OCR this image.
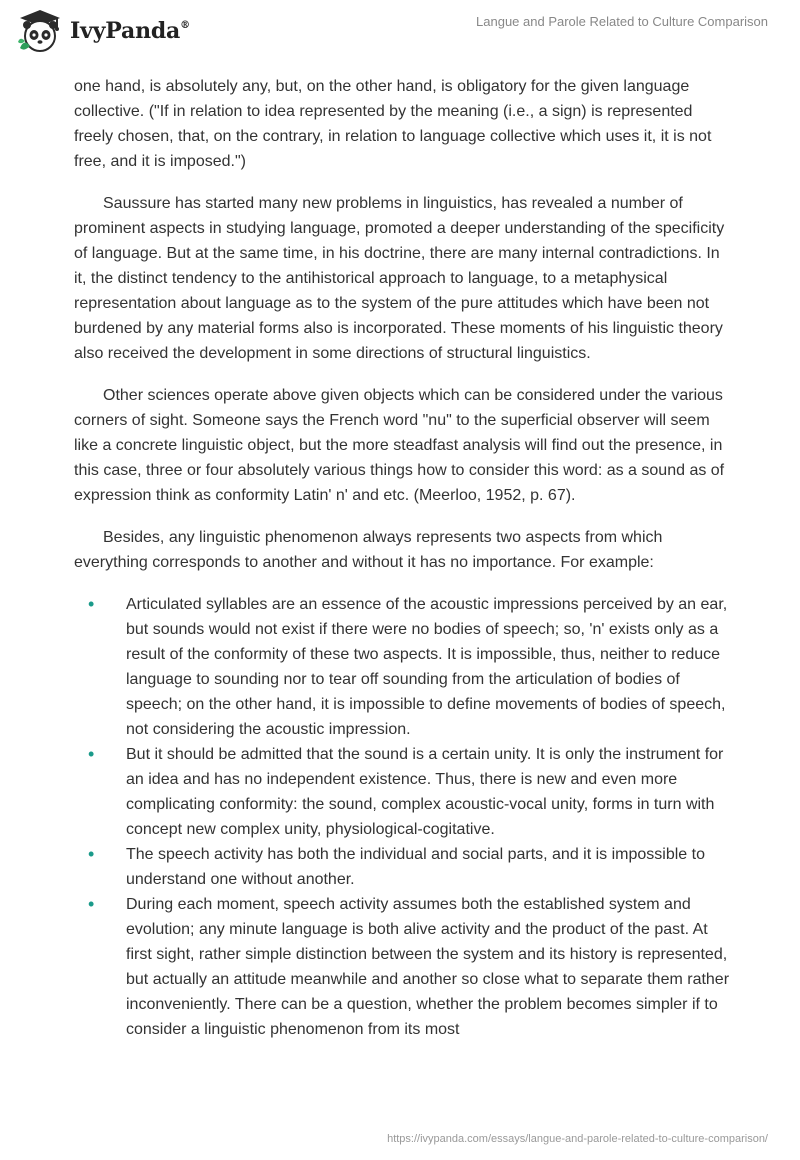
IvyPanda®	Langue and Parole Related to Culture Comparison

one hand, is absolutely any, but, on the other hand, is obligatory for the given language collective. ("If in relation to idea represented by the meaning (i.e., a sign) is represented freely chosen, that, on the contrary, in relation to language collective which uses it, it is not free, and it is imposed.")

Saussure has started many new problems in linguistics, has revealed a number of prominent aspects in studying language, promoted a deeper understanding of the specificity of language. But at the same time, in his doctrine, there are many internal contradictions. In it, the distinct tendency to the antihistorical approach to language, to a metaphysical representation about language as to the system of the pure attitudes which have been not burdened by any material forms also is incorporated. These moments of his linguistic theory also received the development in some directions of structural linguistics.

Other sciences operate above given objects which can be considered under the various corners of sight. Someone says the French word "nu" to the superficial observer will seem like a concrete linguistic object, but the more steadfast analysis will find out the presence, in this case, three or four absolutely various things how to consider this word: as a sound as of expression think as conformity Latin' n' and etc. (Meerloo, 1952, p. 67).

Besides, any linguistic phenomenon always represents two aspects from which everything corresponds to another and without it has no importance. For example:

• Articulated syllables are an essence of the acoustic impressions perceived by an ear, but sounds would not exist if there were no bodies of speech; so, 'n' exists only as a result of the conformity of these two aspects. It is impossible, thus, neither to reduce language to sounding nor to tear off sounding from the articulation of bodies of speech; on the other hand, it is impossible to define movements of bodies of speech, not considering the acoustic impression.
• But it should be admitted that the sound is a certain unity. It is only the instrument for an idea and has no independent existence. Thus, there is new and even more complicating conformity: the sound, complex acoustic-vocal unity, forms in turn with concept new complex unity, physiological-cogitative.
• The speech activity has both the individual and social parts, and it is impossible to understand one without another.
• During each moment, speech activity assumes both the established system and evolution; any minute language is both alive activity and the product of the past. At first sight, rather simple distinction between the system and its history is represented, but actually an attitude meanwhile and another so close what to separate them rather inconveniently. There can be a question, whether the problem becomes simpler if to consider a linguistic phenomenon from its most
https://ivypanda.com/essays/langue-and-parole-related-to-culture-comparison/
